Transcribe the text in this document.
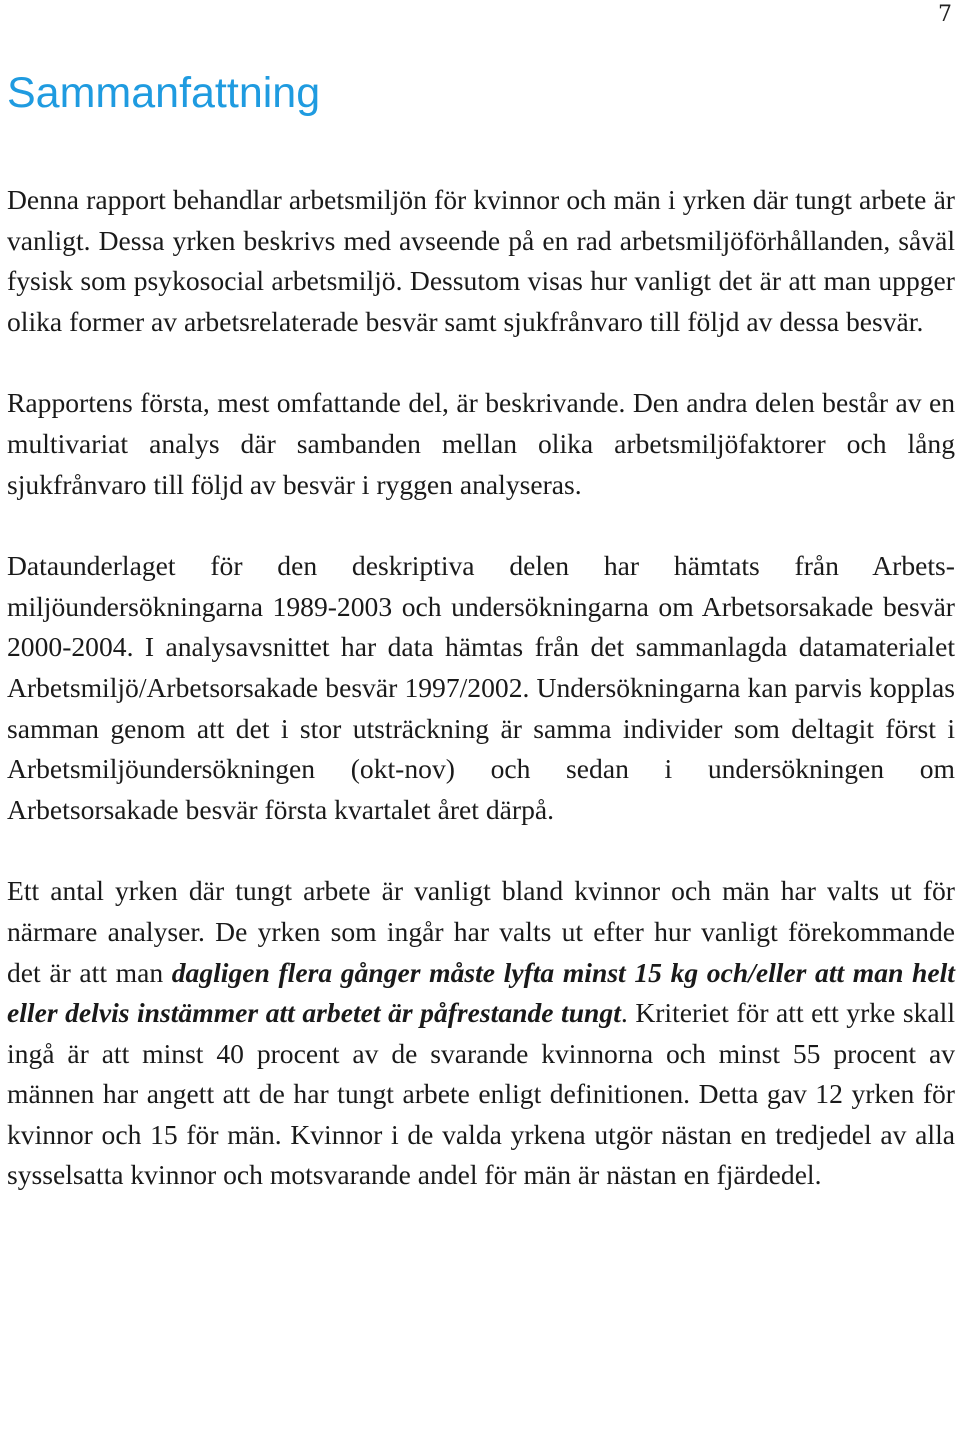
7
Sammanfattning

Denna rapport behandlar arbetsmiljön för kvinnor och män i yrken där tungt arbete är vanligt. Dessa yrken beskrivs med avseende på en rad arbetsmiljöförhållanden, såväl fysisk som psykosocial arbetsmiljö. Dessutom visas hur vanligt det är att man uppger olika former av arbetsrelaterade besvär samt sjukfrånvaro till följd av dessa besvär.

Rapportens första, mest omfattande del, är beskrivande. Den andra delen består av en multivariat analys där sambanden mellan olika arbetsmiljöfaktorer och lång sjukfrånvaro till följd av besvär i ryggen analyseras.

Dataunderlaget för den deskriptiva delen har hämtats från Arbetsmiljöundersökningarna 1989-2003 och undersökningarna om Arbetsorsakade besvär 2000-2004. I analysavsnittet har data hämtas från det sammanlagda datamaterialet Arbetsmiljö/Arbetsorsakade besvär 1997/2002. Undersökningarna kan parvis kopplas samman genom att det i stor utsträckning är samma individer som deltagit först i Arbetsmiljöundersökningen (okt-nov) och sedan i undersökningen om Arbetsorsakade besvär första kvartalet året därpå.

Ett antal yrken där tungt arbete är vanligt bland kvinnor och män har valts ut för närmare analyser. De yrken som ingår har valts ut efter hur vanligt förekommande det är att man dagligen flera gånger måste lyfta minst 15 kg och/eller att man helt eller delvis instämmer att arbetet är påfrestande tungt. Kriteriet för att ett yrke skall ingå är att minst 40 procent av de svarande kvinnorna och minst 55 procent av männen har angett att de har tungt arbete enligt definitionen. Detta gav 12 yrken för kvinnor och 15 för män. Kvinnor i de valda yrkena utgör nästan en tredjedel av alla sysselsatta kvinnor och motsvarande andel för män är nästan en fjärdedel.
